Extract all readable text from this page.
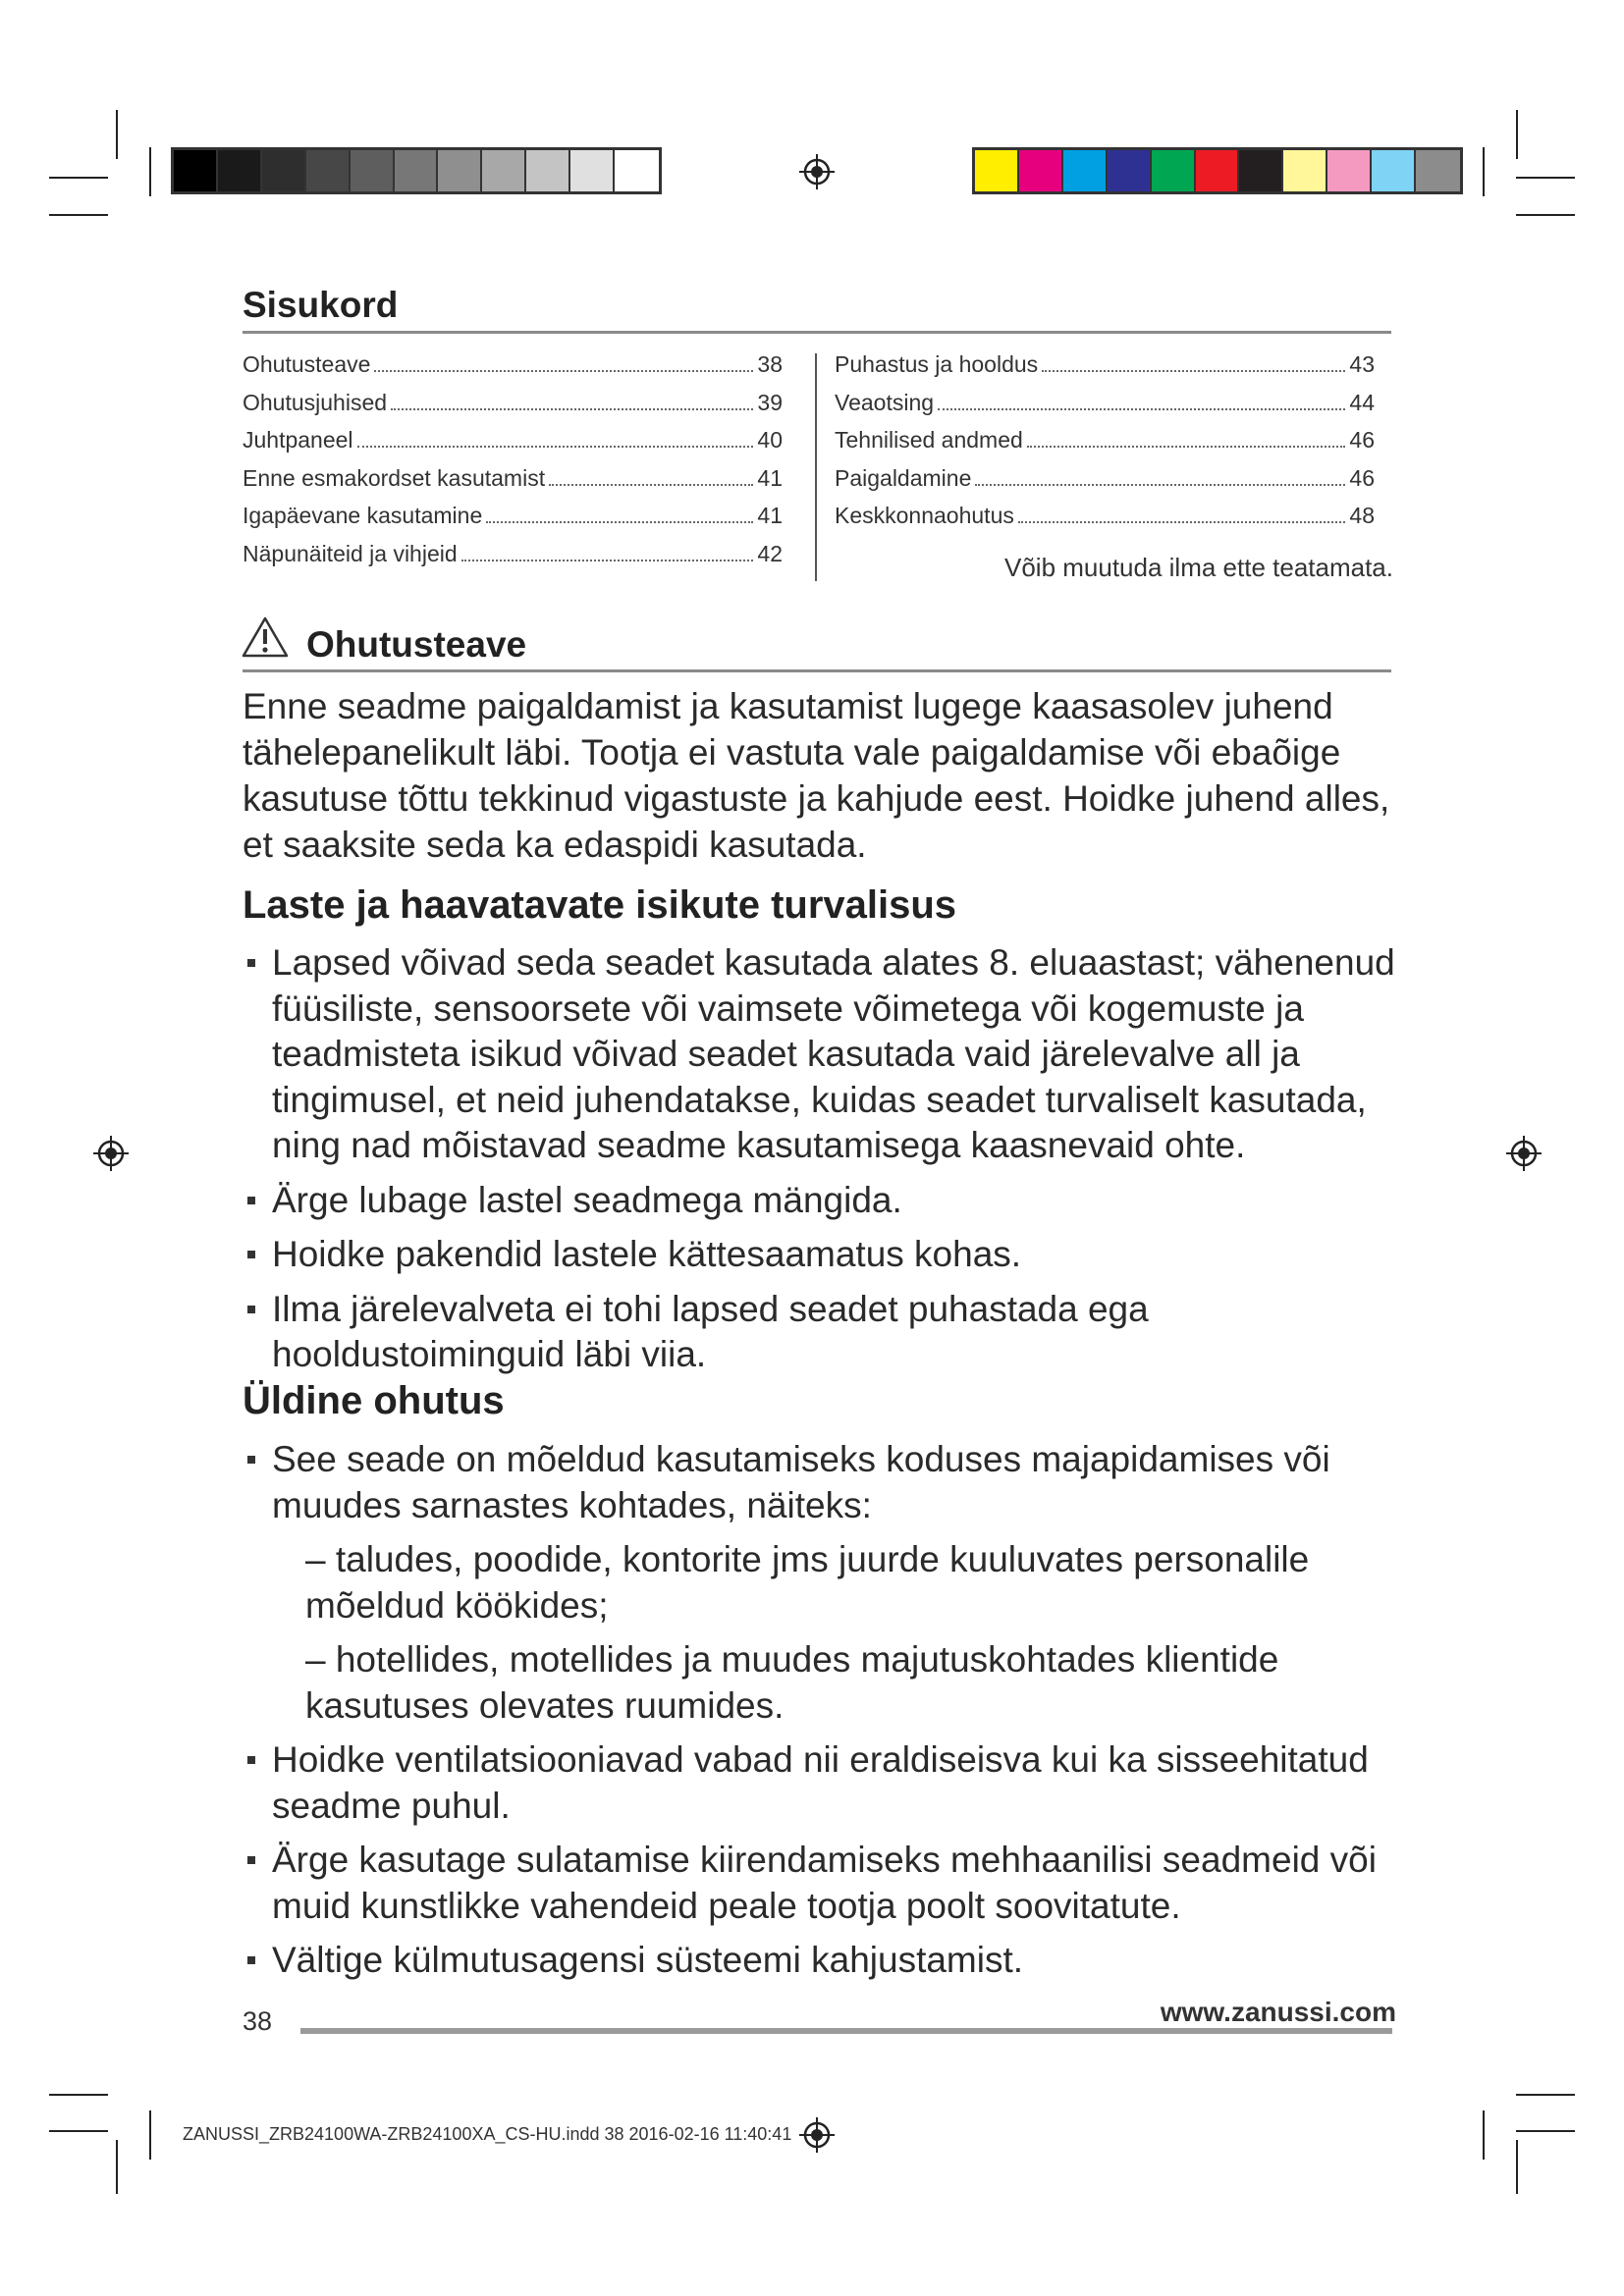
Sisukord
Ohutusteave	38
Ohutusjuhised	39
Juhtpaneel	40
Enne esmakordset kasutamist	41
Igapäevane kasutamine	41
Näpunäiteid ja vihjeid	42
Puhastus ja hooldus	43
Veaotsing	44
Tehnilised andmed	46
Paigaldamine	46
Keskkonnaohutus	48
Võib muutuda ilma ette teatamata.
Ohutusteave
Enne seadme paigaldamist ja kasutamist lugege kaasasolev juhend tähelepanelikult läbi. Tootja ei vastuta vale paigaldamise või ebaõige kasutuse tõttu tekkinud vigastuste ja kahjude eest. Hoidke juhend alles, et saaksite seda ka edaspidi kasutada.
Laste ja haavatavate isikute turvalisus
Lapsed võivad seda seadet kasutada alates 8. eluaastast; vähenenud füüsiliste, sensoorsete või vaimsete võimetega või kogemuste ja teadmisteta isikud võivad seadet kasutada vaid järelevalve all ja tingimusel, et neid juhendatakse, kuidas seadet turvaliselt kasutada, ning nad mõistavad seadme kasutamisega kaasnevaid ohte.
Ärge lubage lastel seadmega mängida.
Hoidke pakendid lastele kättesaamatus kohas.
Ilma järelevalveta ei tohi lapsed seadet puhastada ega hooldustoiminguid läbi viia.
Üldine ohutus
See seade on mõeldud kasutamiseks koduses majapidamises või muudes sarnastes kohtades, näiteks:
– taludes, poodide, kontorite jms juurde kuuluvates personalile mõeldud köökides;
– hotellides, motellides ja muudes majutuskohtades klientide kasutuses olevates ruumides.
Hoidke ventilatsiooniavad vabad nii eraldiseisva kui ka sisseehitatud seadme puhul.
Ärge kasutage sulatamise kiirendamiseks mehhaanilisi seadmeid või muid kunstlikke vahendeid peale tootja poolt soovitatute.
Vältige külmutusagensi süsteemi kahjustamist.
38	www.zanussi.com
ZANUSSI_ZRB24100WA-ZRB24100XA_CS-HU.indd 38 2016-02-16 11:40:41
